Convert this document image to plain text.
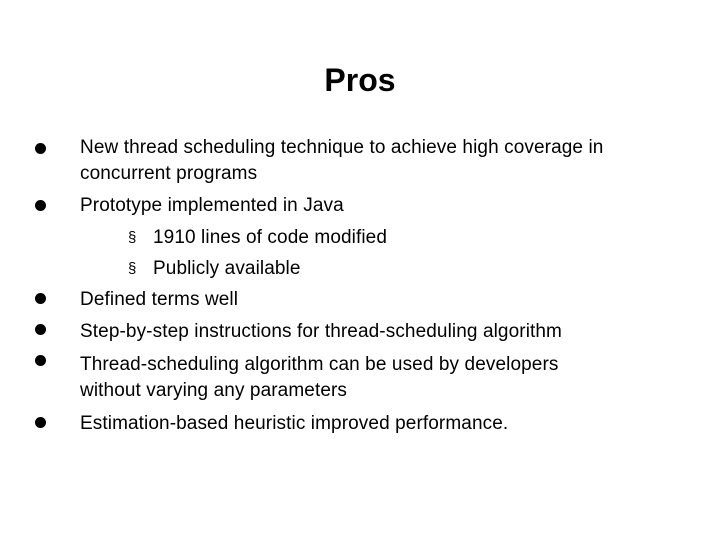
Pros
New thread scheduling technique to achieve high coverage in
concurrent programs
Prototype implemented in Java
§ 1910 lines of code modified
§ Publicly available
Defined terms well
Step-by-step instructions for thread-scheduling algorithm
Thread-scheduling algorithm can be used by developers
without varying any parameters
Estimation-based heuristic improved performance.
